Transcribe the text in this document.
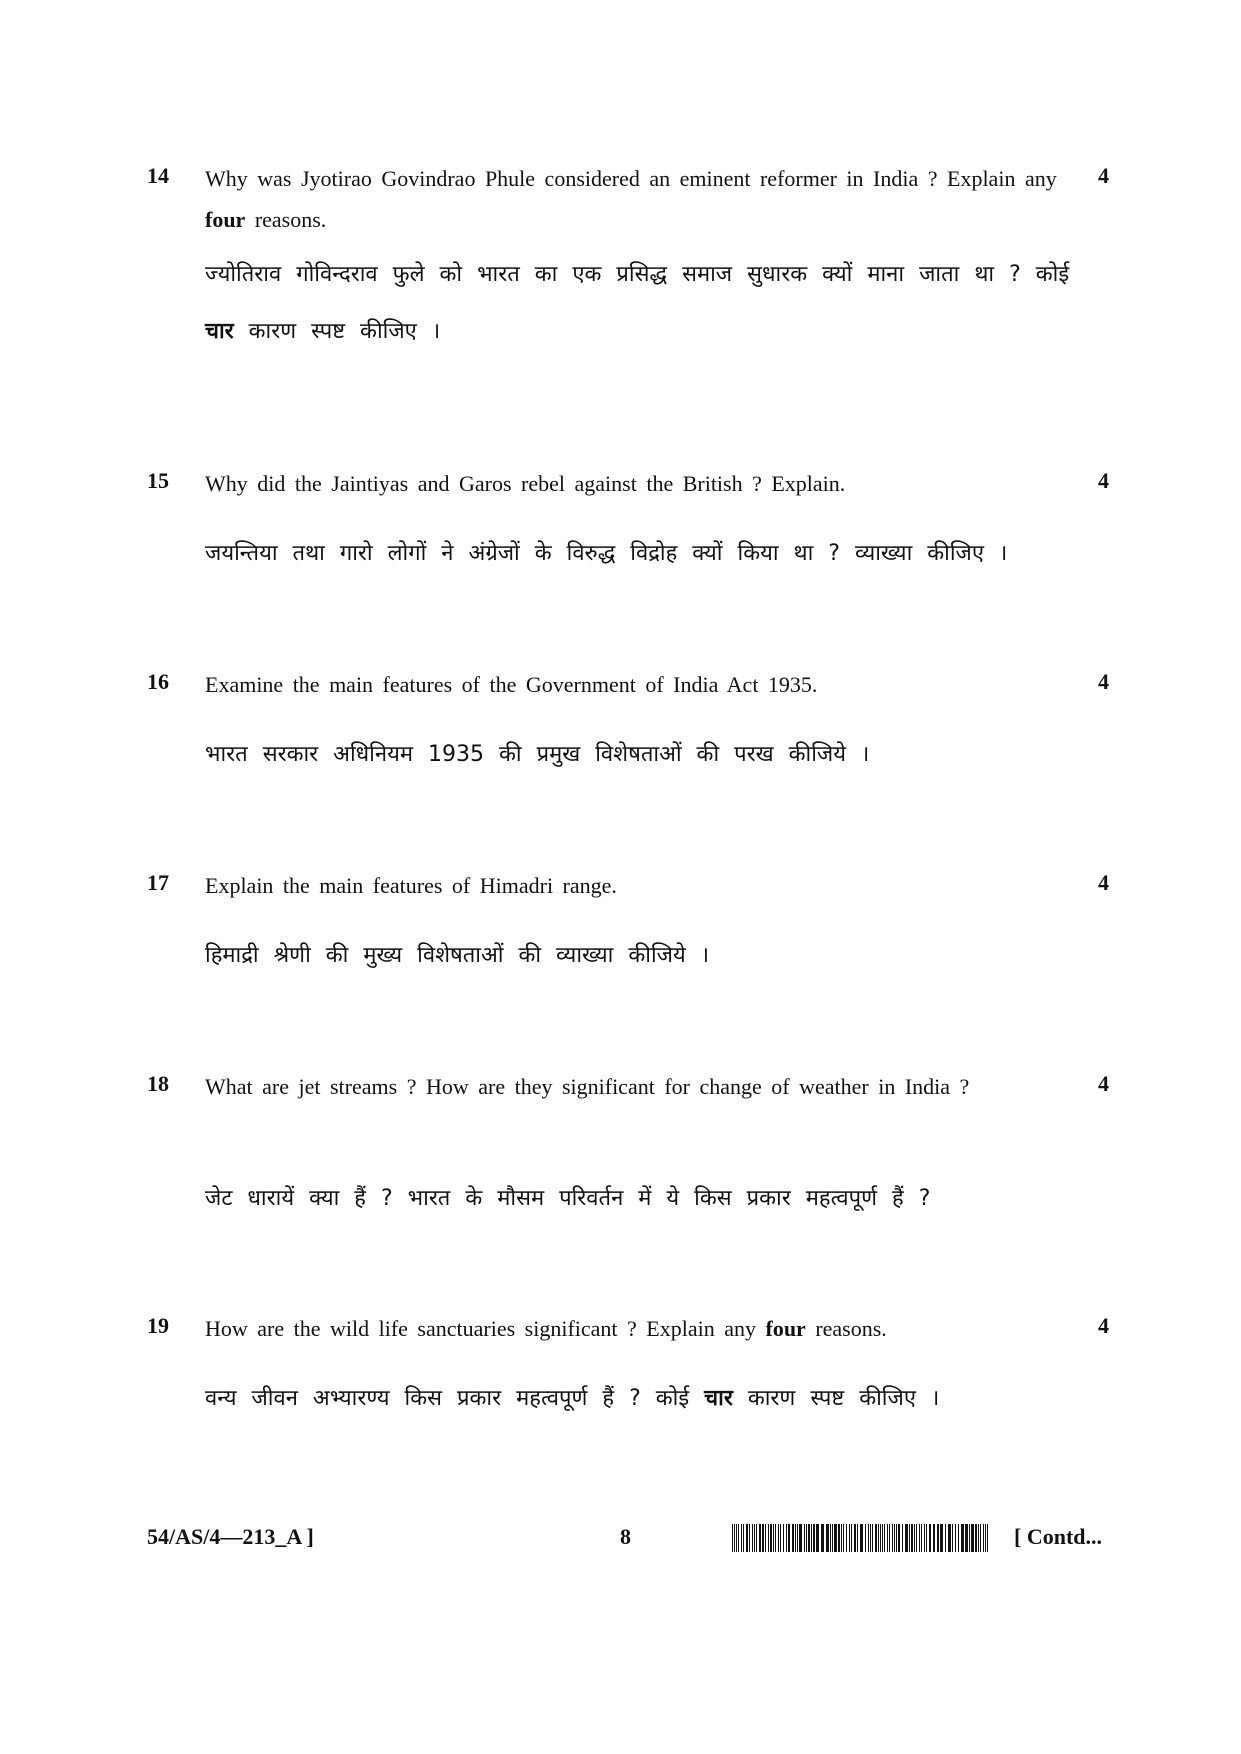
14 Why was Jyotirao Govindrao Phule considered an eminent reformer in India ? Explain any four reasons.
4
ज्योतिराव गोविन्दराव फुले को भारत का एक प्रसिद्ध समाज सुधारक क्यों माना जाता था ? कोई चार कारण स्पष्ट कीजिए ।
15 Why did the Jaintiyas and Garos rebel against the British ? Explain.	4
जयन्तिया तथा गारो लोगों ने अंग्रेजों के विरुद्ध विद्रोह क्यों किया था ? व्याख्या कीजिए ।
16 Examine the main features of the Government of India Act 1935.	4
भारत सरकार अधिनियम 1935 की प्रमुख विशेषताओं की परख कीजिये ।
17 Explain the main features of Himadri range.	4
हिमाद्री श्रेणी की मुख्य विशेषताओं की व्याख्या कीजिये ।
18 What are jet streams ? How are they significant for change of weather in India ?	4
जेट धारायें क्या हैं ? भारत के मौसम परिवर्तन में ये किस प्रकार महत्वपूर्ण हैं ?
19 How are the wild life sanctuaries significant ? Explain any four reasons.	4
वन्य जीवन अभ्यारण्य किस प्रकार महत्वपूर्ण हैं ? कोई चार कारण स्पष्ट कीजिए ।
54/AS/4—213_A ]	8	[ Contd...
